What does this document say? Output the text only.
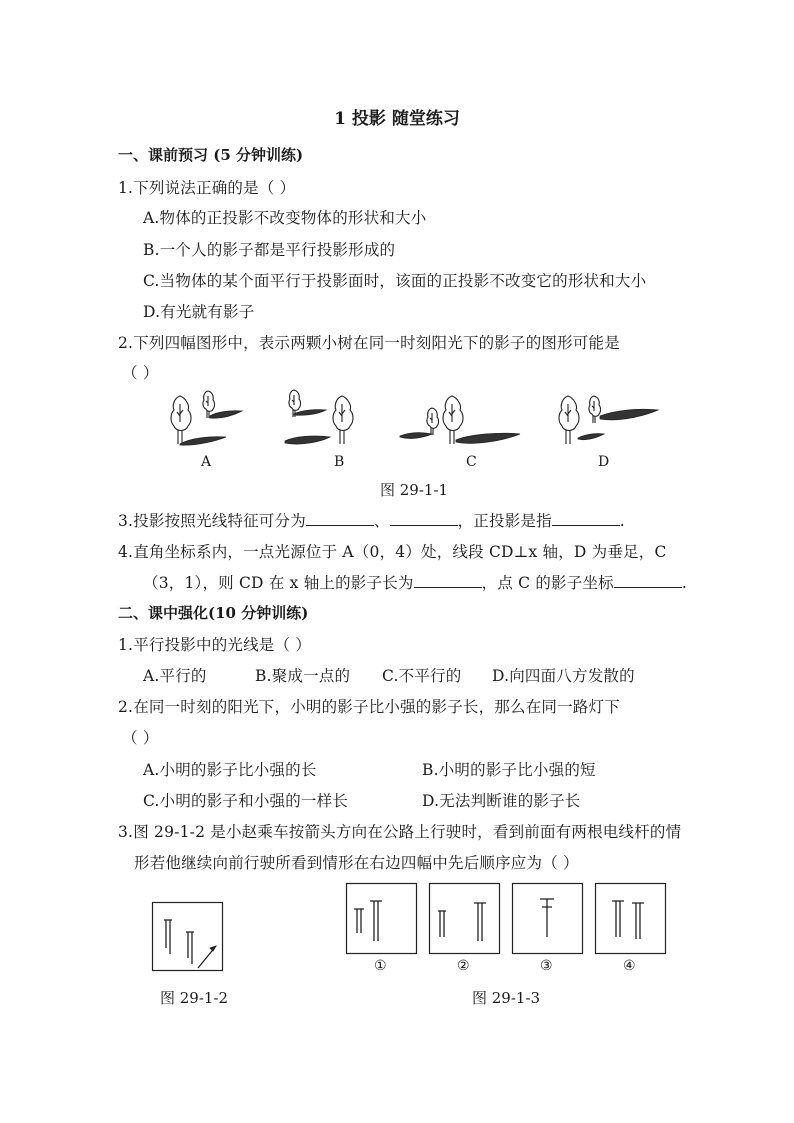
1 投影 随堂练习
一、课前预习 (5 分钟训练)
1.下列说法正确的是（ ）
A.物体的正投影不改变物体的形状和大小
B.一个人的影子都是平行投影形成的
C.当物体的某个面平行于投影面时，该面的正投影不改变它的形状和大小
D.有光就有影子
2.下列四幅图形中，表示两颗小树在同一时刻阳光下的影子的图形可能是
（ ）
A	B	C	D
图 29-1-1
3.投影按照光线特征可分为	、	，正投影是指	.
4.直角坐标系内，一点光源位于 A（0，4）处，线段 CD⊥x 轴，D 为垂足，C
（3，1），则 CD 在 x 轴上的影子长为	，点 C 的影子坐标	.
二、课中强化(10 分钟训练)
1.平行投影中的光线是（ ）
A.平行的	B.聚成一点的 C.不平行的 D.向四面八方发散的
2.在同一时刻的阳光下，小明的影子比小强的影子长，那么在同一路灯下
（ ）
A.小明的影子比小强的长	B.小明的影子比小强的短
C.小明的影子和小强的一样长	D.无法判断谁的影子长
3.图 29-1-2 是小赵乘车按箭头方向在公路上行驶时，看到前面有两根电线杆的情
形若他继续向前行驶所看到情形在右边四幅中先后顺序应为（ ）
①	②	③	④
图 29-1-2	图 29-1-3
